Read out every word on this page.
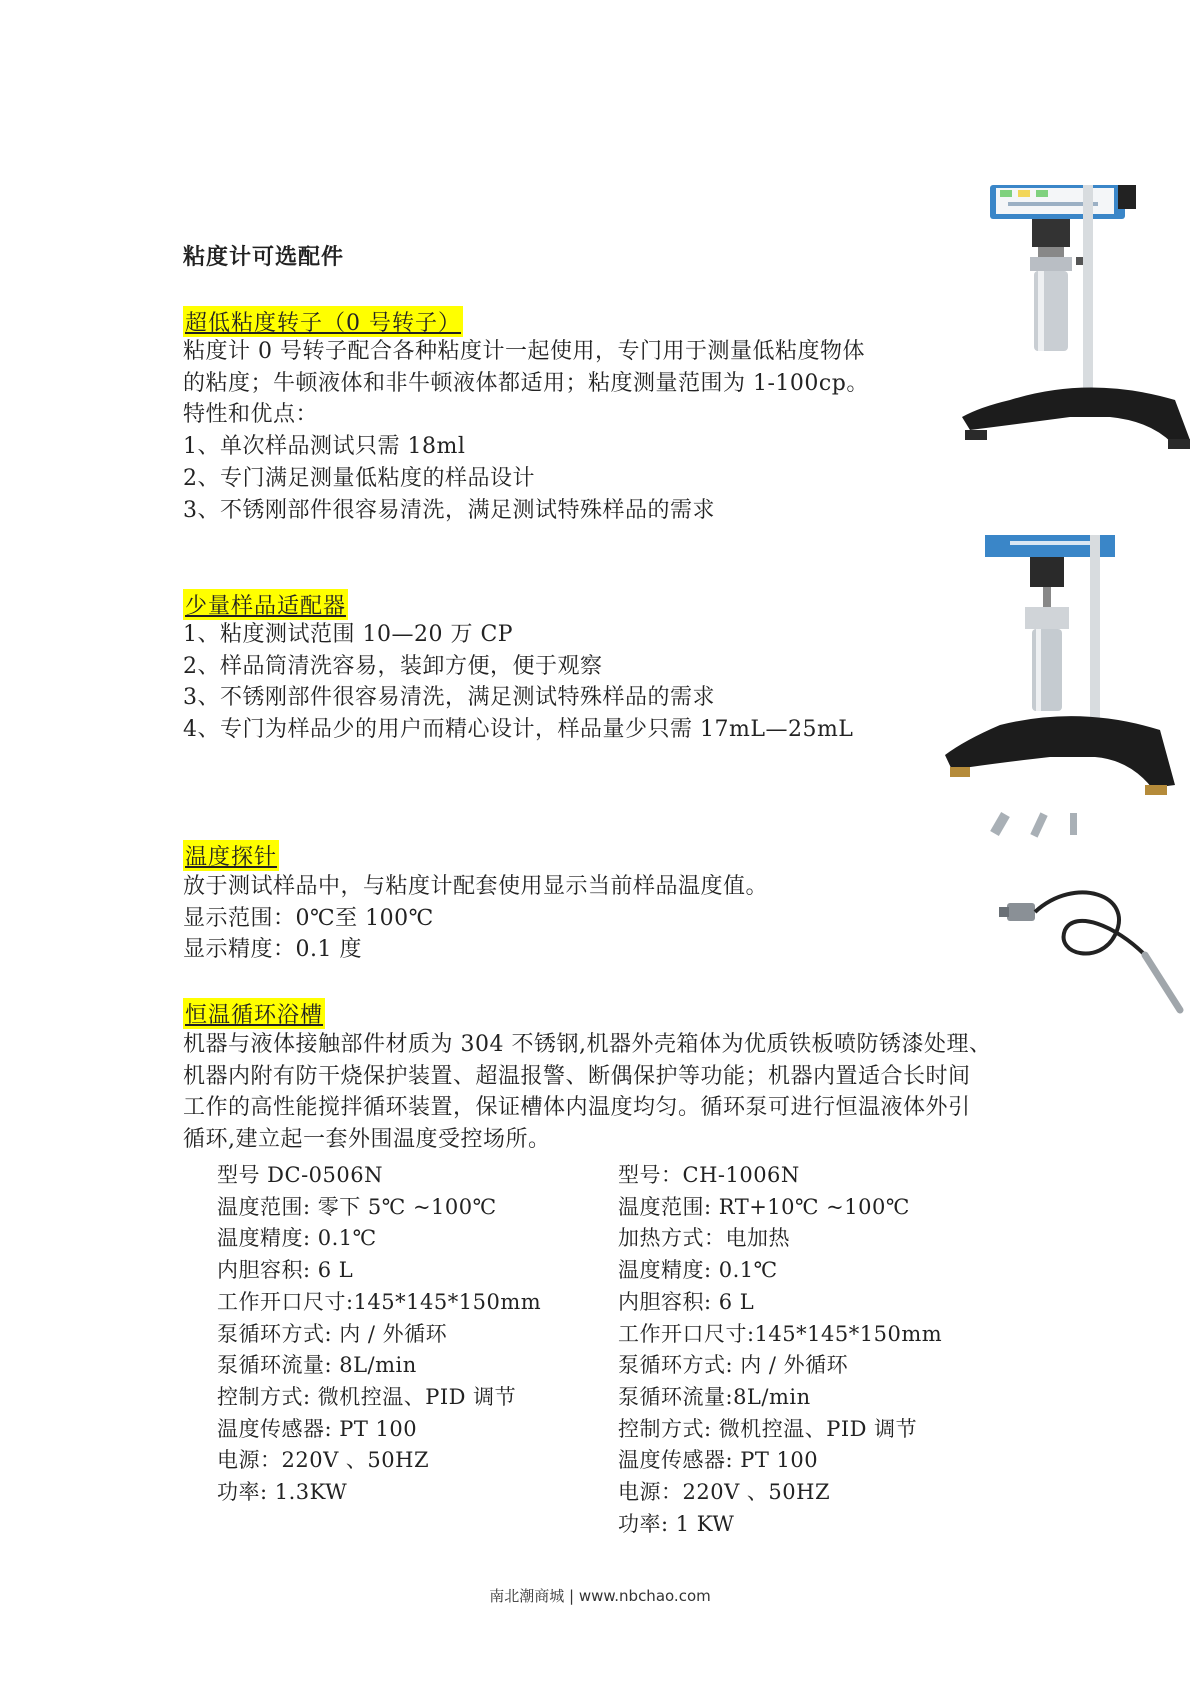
粘度计可选配件
超低粘度转子（0 号转子）
粘度计 0 号转子配合各种粘度计一起使用，专门用于测量低粘度物体
的粘度；牛顿液体和非牛顿液体都适用；粘度测量范围为 1-100cp。
特性和优点：
1、单次样品测试只需 18ml
2、专门满足测量低粘度的样品设计
3、不锈刚部件很容易清洗，满足测试特殊样品的需求
少量样品适配器
1、粘度测试范围 10—20 万 CP
2、样品筒清洗容易，装卸方便，便于观察
3、不锈刚部件很容易清洗，满足测试特殊样品的需求
4、专门为样品少的用户而精心设计，样品量少只需 17mL—25mL
温度探针
放于测试样品中，与粘度计配套使用显示当前样品温度值。
显示范围：0℃至 100℃
显示精度：0.1 度
恒温循环浴槽
机器与液体接触部件材质为 304 不锈钢,机器外壳箱体为优质铁板喷防锈漆处理、
机器内附有防干烧保护装置、超温报警、断偶保护等功能；机器内置适合长时间
工作的高性能搅拌循环装置，保证槽体内温度均匀。循环泵可进行恒温液体外引
循环,建立起一套外围温度受控场所。
型号 DC-0506N
温度范围: 零下 5℃ ~100℃
温度精度: 0.1℃
内胆容积: 6 L
工作开口尺寸:145*145*150mm
泵循环方式: 内 / 外循环
泵循环流量: 8L/min
控制方式: 微机控温、PID 调节
温度传感器: PT 100
电源：220V 、50HZ
功率: 1.3KW
型号：CH-1006N
温度范围: RT+10℃ ~100℃
加热方式：电加热
温度精度: 0.1℃
内胆容积: 6 L
工作开口尺寸:145*145*150mm
泵循环方式: 内 / 外循环
泵循环流量:8L/min
控制方式: 微机控温、PID 调节
温度传感器: PT 100
电源：220V 、50HZ
功率: 1 KW
南北潮商城 | www.nbchao.com
